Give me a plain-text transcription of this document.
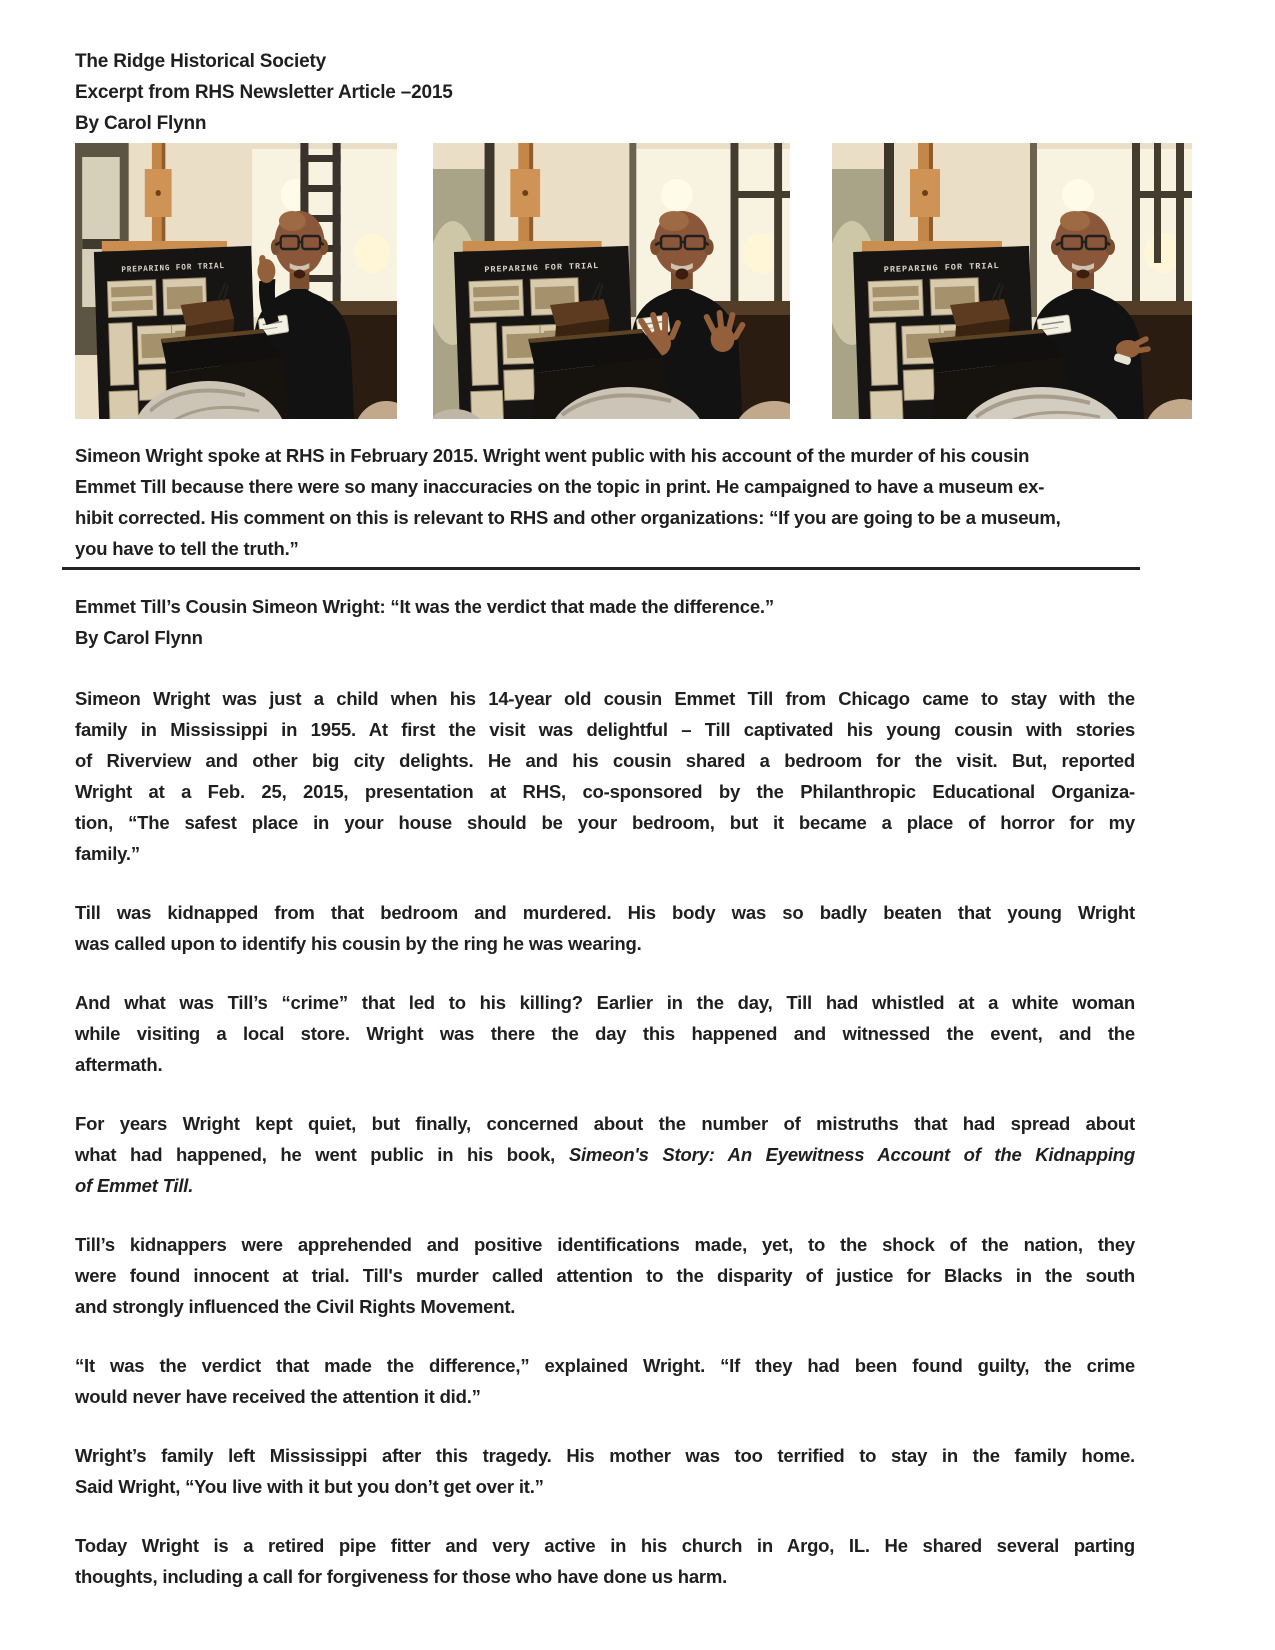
The Ridge Historical Society
Excerpt from RHS Newsletter Article –2015
By Carol Flynn
PREPARING FOR TRIAL	PREPARING FOR TRIAL	PREPARING FOR TRIAL
Simeon Wright spoke at RHS in February 2015. Wright went public with his account of the murder of his cousin
Emmet Till because there were so many inaccuracies on the topic in print. He campaigned to have a museum ex-
hibit corrected. His comment on this is relevant to RHS and other organizations: “If you are going to be a museum,
you have to tell the truth.”
Emmet Till’s Cousin Simeon Wright: “It was the verdict that made the difference.”
By Carol Flynn
Simeon Wright was just a child when his 14-year old cousin Emmet Till from Chicago came to stay with the
family in Mississippi in 1955. At first the visit was delightful – Till captivated his young cousin with stories
of Riverview and other big city delights. He and his cousin shared a bedroom for the visit. But, reported
Wright at a Feb. 25, 2015, presentation at RHS, co-sponsored by the Philanthropic Educational Organiza-
tion, “The safest place in your house should be your bedroom, but it became a place of horror for my
family.”
Till was kidnapped from that bedroom and murdered. His body was so badly beaten that young Wright
was called upon to identify his cousin by the ring he was wearing.
And what was Till’s “crime” that led to his killing? Earlier in the day, Till had whistled at a white woman
while visiting a local store. Wright was there the day this happened and witnessed the event, and the
aftermath.
For years Wright kept quiet, but finally, concerned about the number of mistruths that had spread about
what had happened, he went public in his book, Simeon's Story: An Eyewitness Account of the Kidnapping
of Emmet Till.
Till’s kidnappers were apprehended and positive identifications made, yet, to the shock of the nation, they
were found innocent at trial. Till's murder called attention to the disparity of justice for Blacks in the south
and strongly influenced the Civil Rights Movement.
“It was the verdict that made the difference,” explained Wright. “If they had been found guilty, the crime
would never have received the attention it did.”
Wright’s family left Mississippi after this tragedy. His mother was too terrified to stay in the family home.
Said Wright, “You live with it but you don’t get over it.”
Today Wright is a retired pipe fitter and very active in his church in Argo, IL. He shared several parting
thoughts, including a call for forgiveness for those who have done us harm.
